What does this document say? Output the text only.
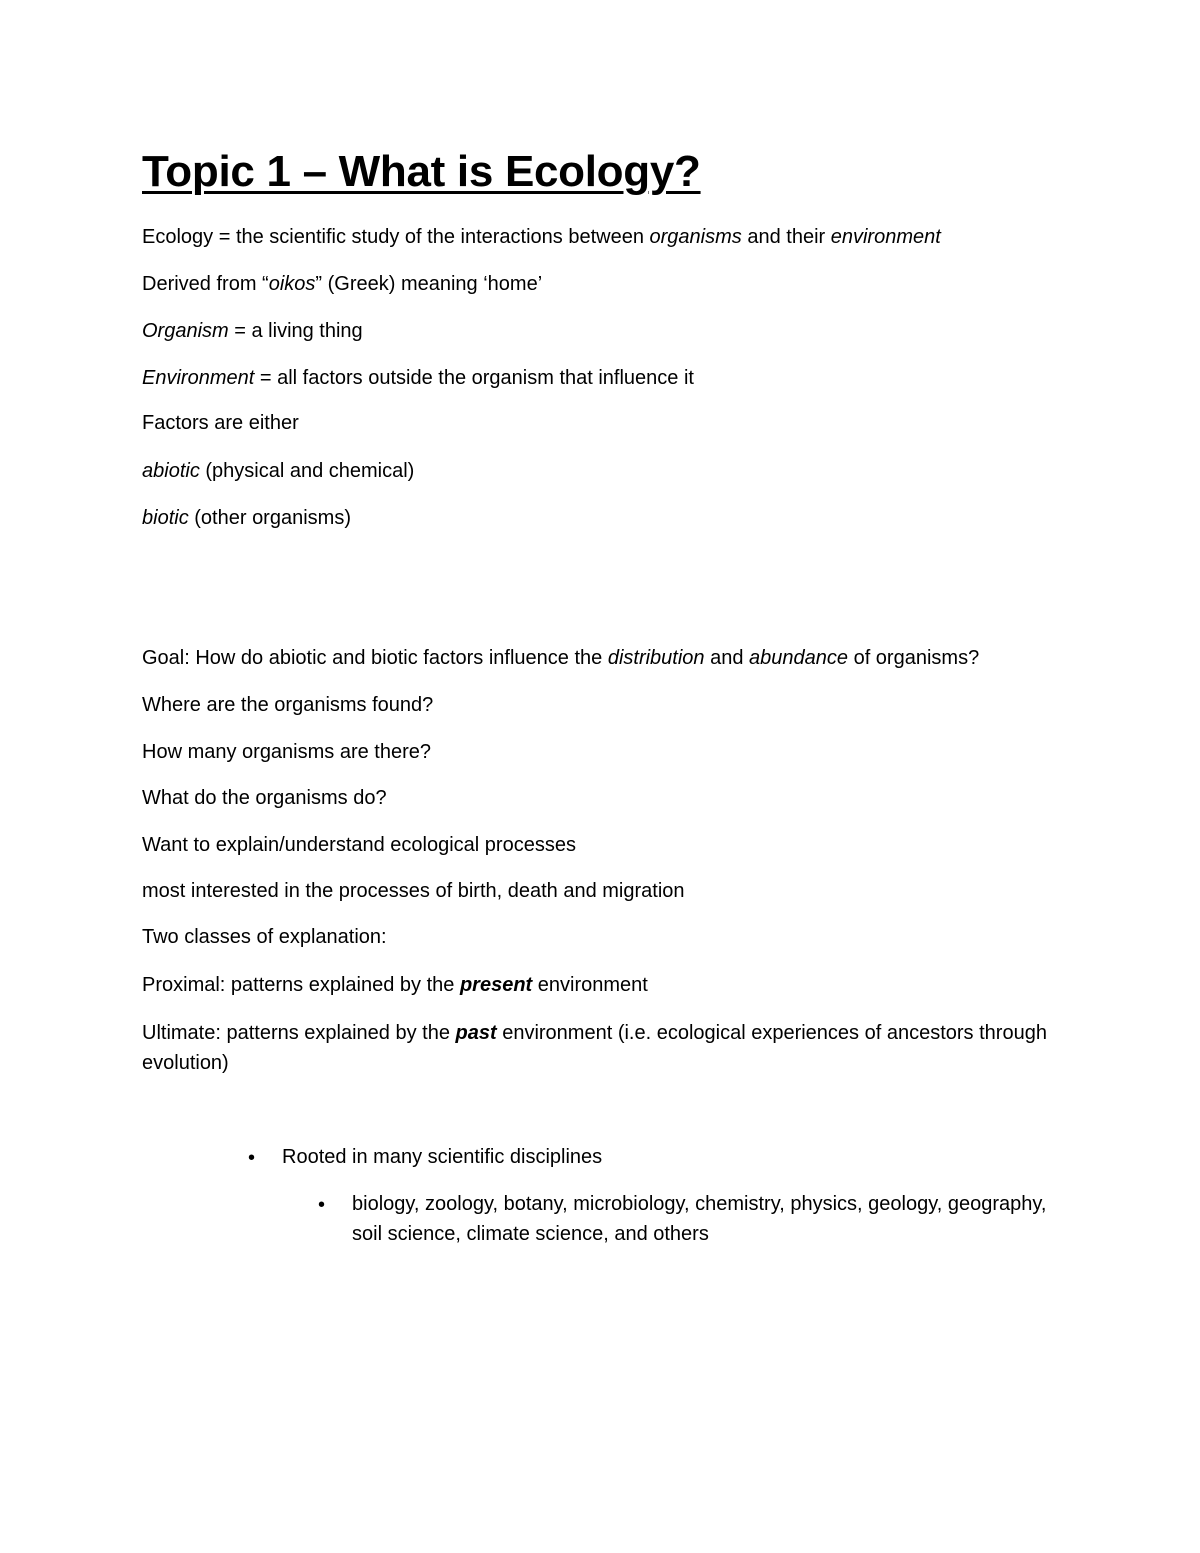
Topic 1 – What is Ecology?

Ecology = the scientific study of the interactions between organisms and their environment

Derived from “oikos” (Greek) meaning ‘home’

Organism = a living thing

Environment = all factors outside the organism that influence it

Factors are either

abiotic (physical and chemical)

biotic (other organisms)

Goal: How do abiotic and biotic factors influence the distribution and abundance of organisms?

Where are the organisms found?

How many organisms are there?

What do the organisms do?

Want to explain/understand ecological processes

most interested in the processes of birth, death and migration

Two classes of explanation:

Proximal: patterns explained by the present environment

Ultimate: patterns explained by the past environment (i.e. ecological experiences of ancestors through evolution)

• Rooted in many scientific disciplines

• biology, zoology, botany, microbiology, chemistry, physics, geology, geography, soil science, climate science, and others
